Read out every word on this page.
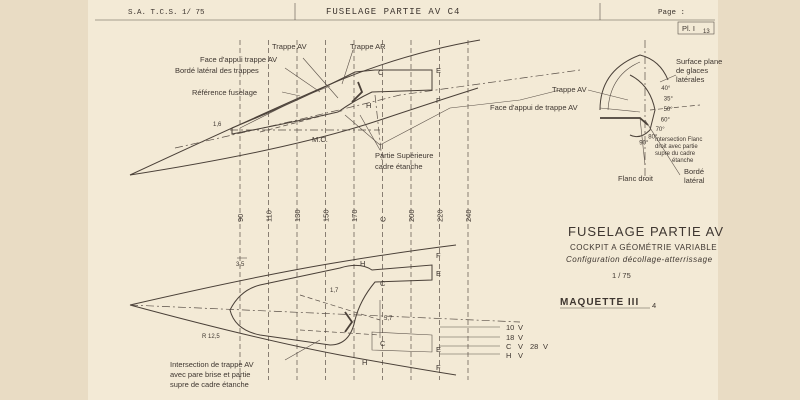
S.A. T.C.S. 1/ 75	FUSELAGE PARTIE AV C4	Page :
Pl. I 13
Trappe AV	Trappe AR
Face d'appui trappe AV
Bordé latéral des trappes
Référence fuselage
1,6
M.C.
Partie Supérieure
cadre étanche
C	E
F
H
90	110	130	150	170	C	200	220	240
Surface plane
de glaces
latérales
Trappe AV
Face d'appui de trappe AV
Intersection Flanc
droit avec partie
supre du cadre
étanche
Flanc droit
Bordé
latéral
40°
35°
50°
60°
70°
80°
90°
3,5
1,7
5,7
R 12,5
F
H
C
E
C
E
H
F
10 V
18 V
C V 28 V
H V
Intersection de trappe AV
avec pare brise et partie
supre de cadre étanche
FUSELAGE PARTIE AV
COCKPIT A GÉOMÉTRIE VARIABLE
Configuration décollage-atterrissage
1 / 75
MAQUETTE III 4
